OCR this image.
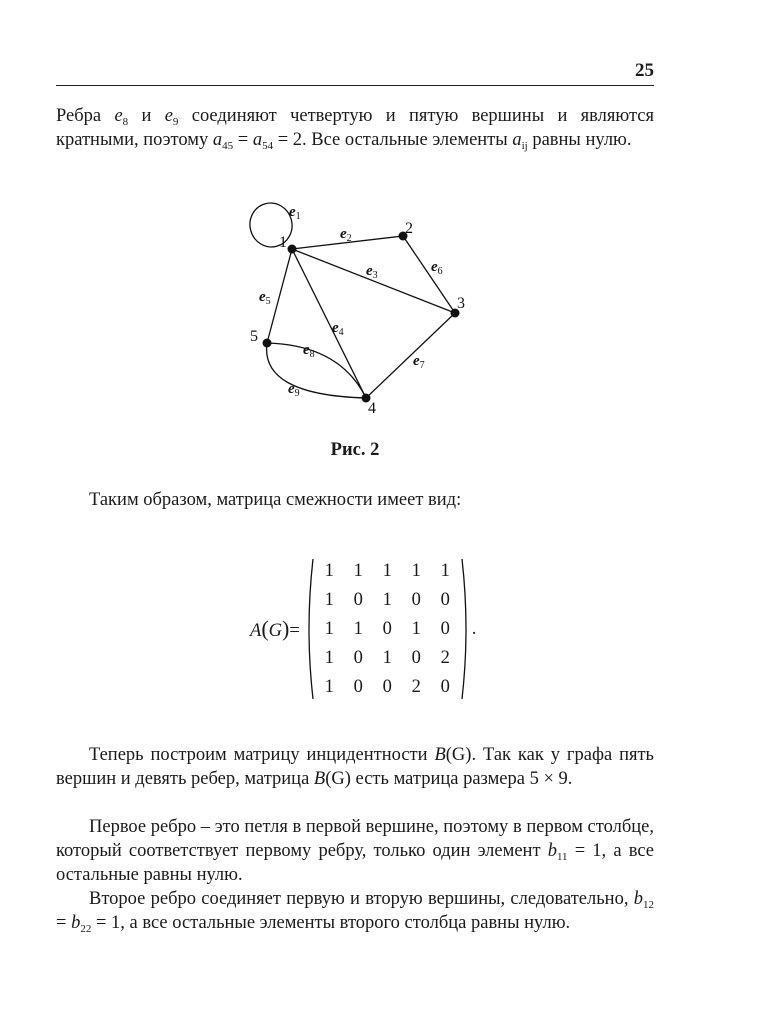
25

Ребра $e_8$ и $e_9$ соединяют четвертую и пятую вершины и являются кратными, поэтому $a_{45} = a_{54} = 2$. Все остальные элементы $a_{ij}$ равны нулю.

1
2
3
4
5
$e_1$
$e_2$
$e_3$
$e_4$
$e_5$
$e_6$
$e_7$
$e_8$
$e_9$
Рис. 2

Таким образом, матрица смежности имеет вид:

A(G)=
1 1 1 1 1
1 0 1 0 0
1 1 0 1 0
1 0 1 0 2
1 0 0 2 0
.

Теперь построим матрицу инцидентности B(G). Так как у графа пять вершин и девять ребер, матрица B(G) есть матрица размера 5 × 9.

Первое ребро – это петля в первой вершине, поэтому в первом столбце, который соответствует первому ребру, только один элемент $b_{11} = 1$, а все остальные равны нулю.

Второе ребро соединяет первую и вторую вершины, следовательно, $b_{12} = b_{22} = 1$, а все остальные элементы второго столбца равны нулю.
